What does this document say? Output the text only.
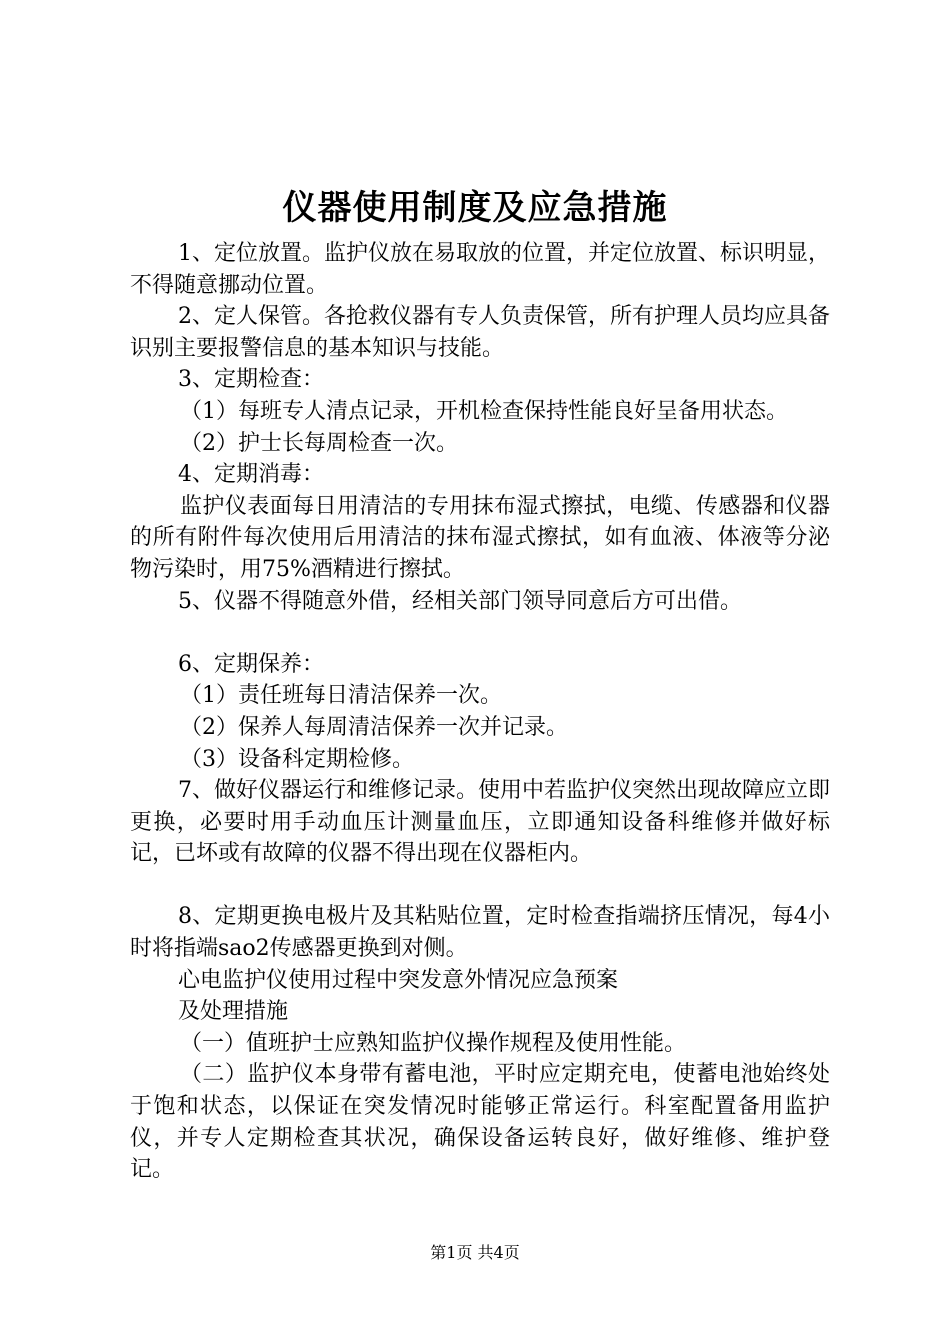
仪器使用制度及应急措施

1、定位放置。监护仪放在易取放的位置，并定位放置、标识明显，不得随意挪动位置。

2、定人保管。各抢救仪器有专人负责保管，所有护理人员均应具备识别主要报警信息的基本知识与技能。

3、定期检查：

（1）每班专人清点记录，开机检查保持性能良好呈备用状态。

（2）护士长每周检查一次。

4、定期消毒：

监护仪表面每日用清洁的专用抹布湿式擦拭，电缆、传感器和仪器的所有附件每次使用后用清洁的抹布湿式擦拭，如有血液、体液等分泌物污染时，用75%酒精进行擦拭。

5、仪器不得随意外借，经相关部门领导同意后方可出借。

6、定期保养：

（1）责任班每日清洁保养一次。

（2）保养人每周清洁保养一次并记录。

（3）设备科定期检修。

7、做好仪器运行和维修记录。使用中若监护仪突然出现故障应立即更换，必要时用手动血压计测量血压，立即通知设备科维修并做好标记，已坏或有故障的仪器不得出现在仪器柜内。

8、定期更换电极片及其粘贴位置，定时检查指端挤压情况，每4小时将指端sao2传感器更换到对侧。

心电监护仪使用过程中突发意外情况应急预案

及处理措施

（一）值班护士应熟知监护仪操作规程及使用性能。

（二）监护仪本身带有蓄电池，平时应定期充电，使蓄电池始终处于饱和状态，以保证在突发情况时能够正常运行。科室配置备用监护仪，并专人定期检查其状况，确保设备运转良好，做好维修、维护登记。

第1页 共4页
